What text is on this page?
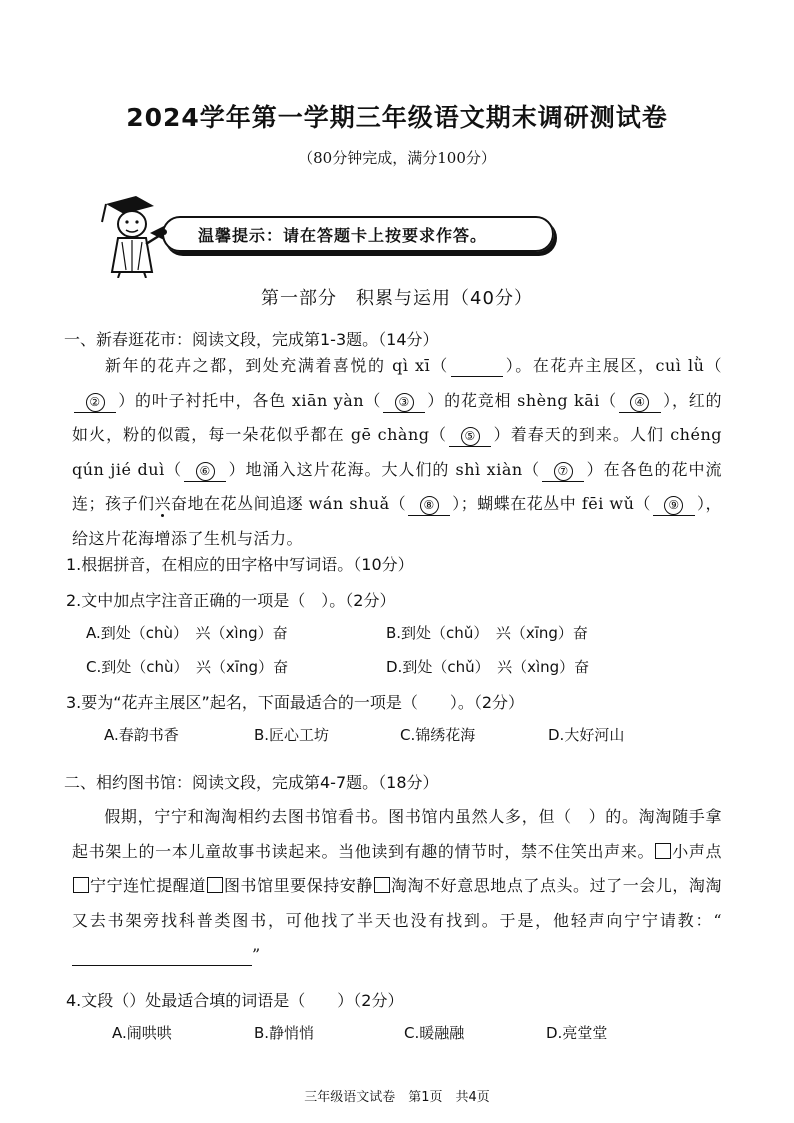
2024学年第一学期三年级语文期末调研测试卷
（80分钟完成，满分100分）
温馨提示：请在答题卡上按要求作答。
第一部分　积累与运用（40分）
一、新春逛花市：阅读文段，完成第1-3题。（14分）
新年的花卉之都，到处充满着喜悦的 qì xī（	）。在花卉主展区，cuì lǜ（② ）的叶子衬托中，各色 xiān yàn（ ③ ）的花竞相 shèng kāi（ ④ ），红的如火，粉的似霞，每一朵花似乎都在 gē chàng（ ⑤ ）着春天的到来。人们 chéng qún jié duì（ ⑥ ）地涌入这片花海。大人们的 shì xiàn（ ⑦ ）在各色的花中流连；孩子们兴奋地在花丛间追逐 wán shuǎ（ ⑧ ）；蝴蝶在花丛中 fēi wǔ（ ⑨ ），给这片花海增添了生机与活力。
1.根据拼音，在相应的田字格中写词语。（10分）
2.文中加点字注音正确的一项是（　）。（2分）
A.到处（chù）　兴（xìng）奋	B.到处（chǔ）　兴（xīng）奋
C.到处（chù）　兴（xīng）奋	D.到处（chǔ）　兴（xìng）奋
3.要为“花卉主展区”起名，下面最适合的一项是（　　）。（2分）
A.春韵书香	B.匠心工坊	C.锦绣花海	D.大好河山
二、相约图书馆：阅读文段，完成第4-7题。（18分）
假期，宁宁和淘淘相约去图书馆看书。图书馆内虽然人多，但（　）的。淘淘随手拿起书架上的一本儿童故事书读起来。当他读到有趣的情节时，禁不住笑出声来。 小声点宁宁连忙提醒道 图书馆里要保持安静 淘淘不好意思地点了点头。过了一会儿，淘淘又去书架旁找科普类图书，可他找了半天也没有找到。于是，他轻声向宁宁请教：“”
4.文段（）处最适合填的词语是（　　）（2分）
A.闹哄哄	B.静悄悄	C.暖融融	D.亮堂堂
三年级语文试卷　第1页　共4页
